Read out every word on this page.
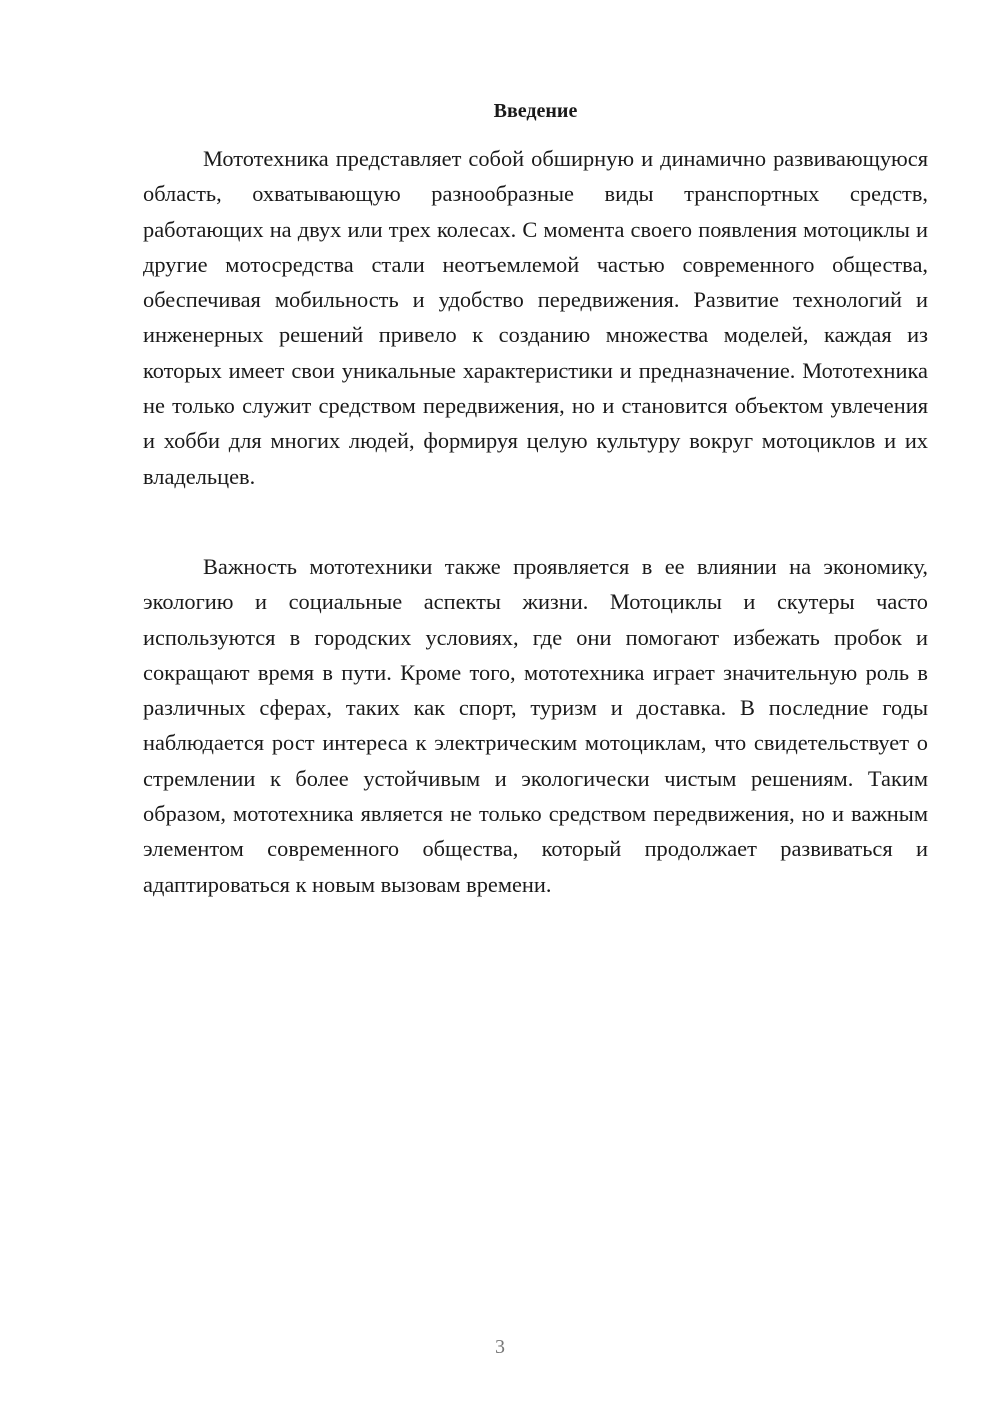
Введение

Мототехника представляет собой обширную и динамично развивающуюся область, охватывающую разнообразные виды транспортных средств, работающих на двух или трех колесах. С момента своего появления мотоциклы и другие мотосредства стали неотъемлемой частью современного общества, обеспечивая мобильность и удобство передвижения. Развитие технологий и инженерных решений привело к созданию множества моделей, каждая из которых имеет свои уникальные характеристики и предназначение. Мототехника не только служит средством передвижения, но и становится объектом увлечения и хобби для многих людей, формируя целую культуру вокруг мотоциклов и их владельцев.

Важность мототехники также проявляется в ее влиянии на экономику, экологию и социальные аспекты жизни. Мотоциклы и скутеры часто используются в городских условиях, где они помогают избежать пробок и сокращают время в пути. Кроме того, мототехника играет значительную роль в различных сферах, таких как спорт, туризм и доставка. В последние годы наблюдается рост интереса к электрическим мотоциклам, что свидетельствует о стремлении к более устойчивым и экологически чистым решениям. Таким образом, мототехника является не только средством передвижения, но и важным элементом современного общества, который продолжает развиваться и адаптироваться к новым вызовам времени.

3
